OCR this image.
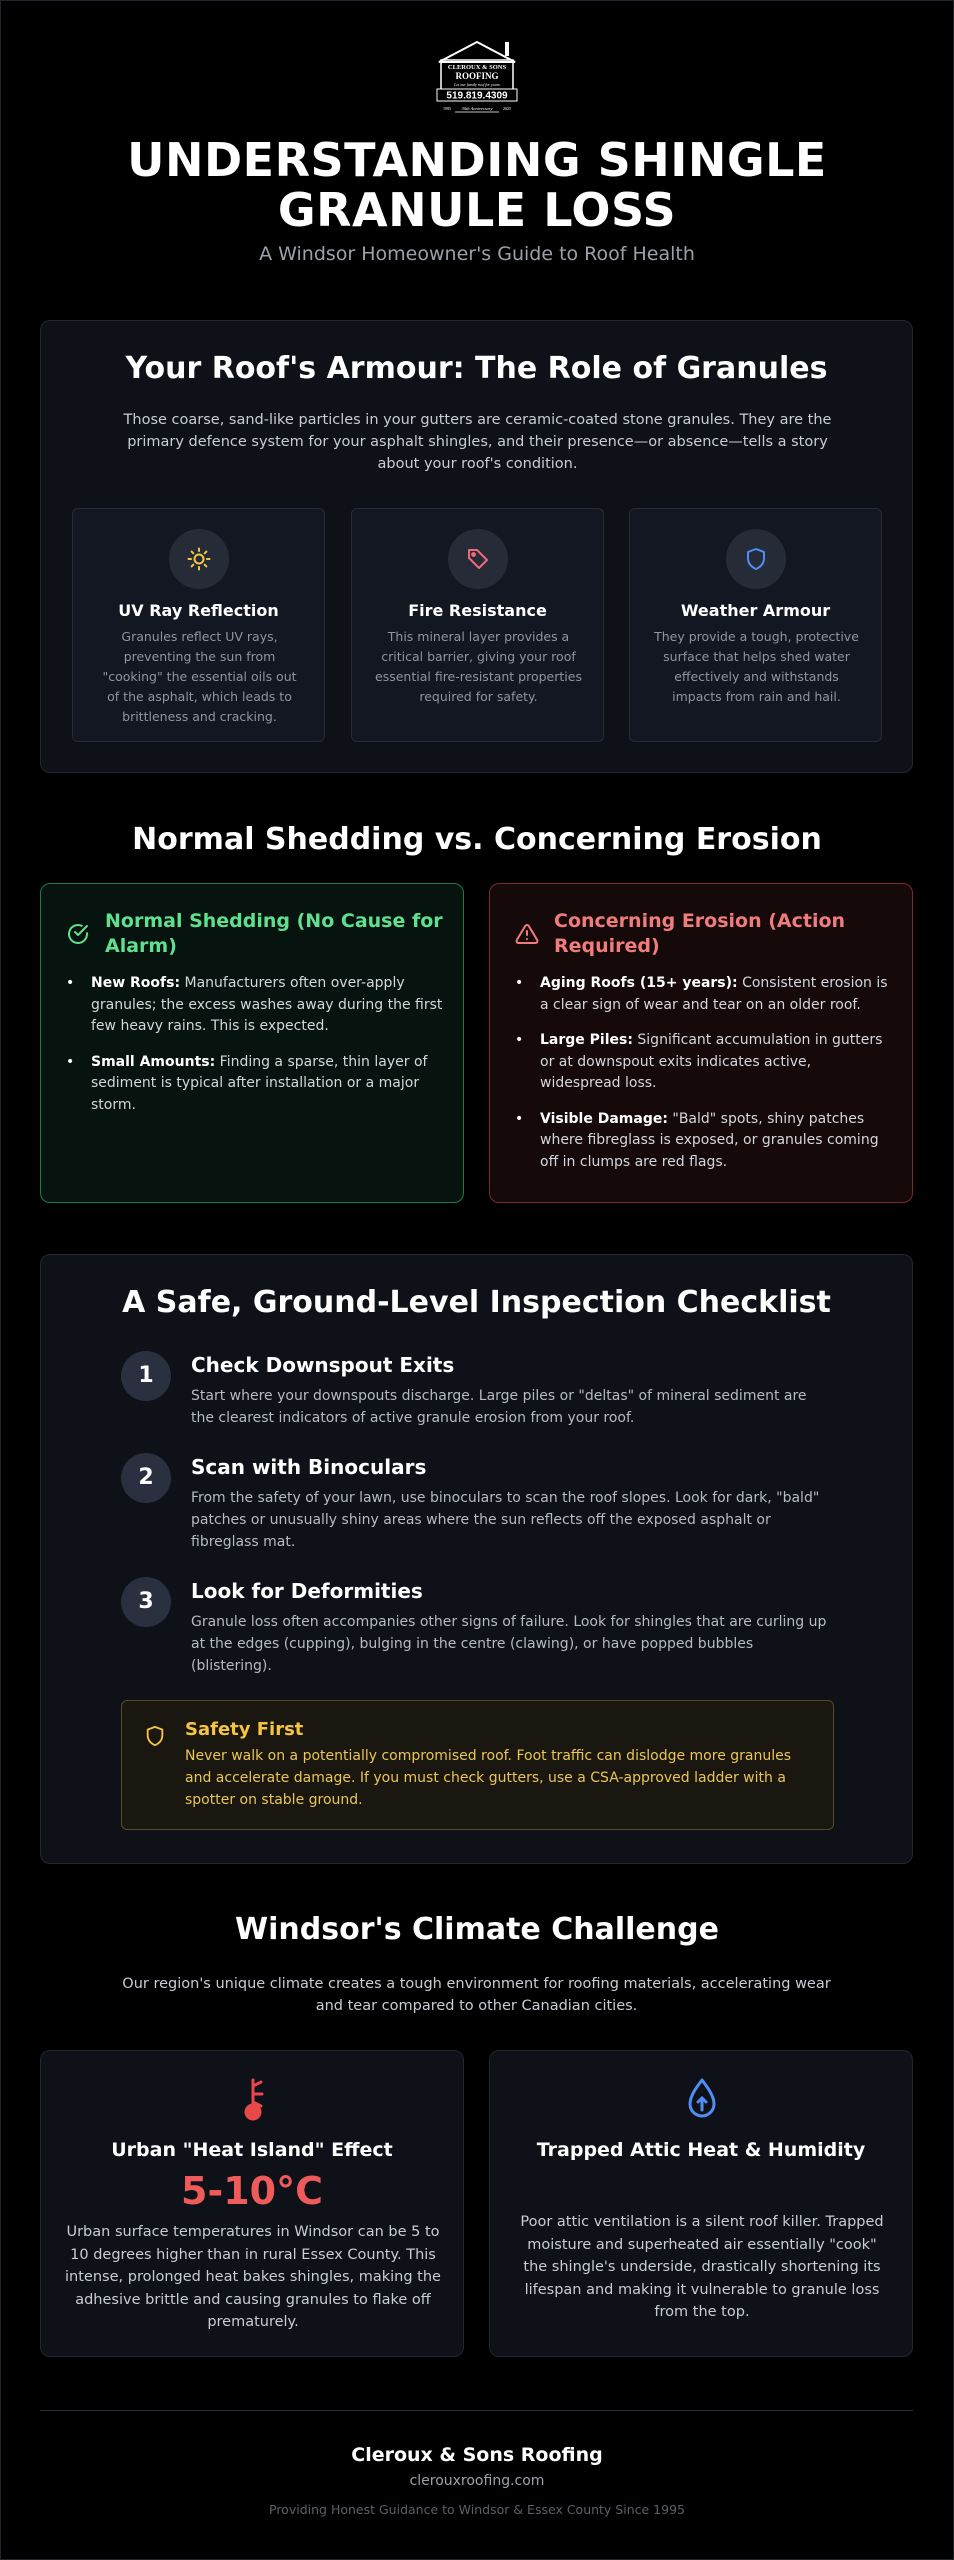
CLEROUX & SONS
ROOFING
Let our family roof for yours
519.819.4309
1995 30th Anniversary	2025
UNDERSTANDING SHINGLE
GRANULE LOSS
A Windsor Homeowner's Guide to Roof Health
Your Roof's Armour: The Role of Granules

Those coarse, sand-like particles in your gutters are ceramic-coated stone granules. They are the primary defence system for your asphalt shingles, and their presence—or absence—tells a story about your roof's condition.

UV Ray Reflection
Granules reflect UV rays, preventing the sun from "cooking" the essential oils out of the asphalt, which leads to brittleness and cracking.
Fire Resistance
This mineral layer provides a critical barrier, giving your roof essential fire-resistant properties required for safety.
Weather Armour
They provide a tough, protective surface that helps shed water effectively and withstands impacts from rain and hail.
Normal Shedding vs. Concerning Erosion
Normal Shedding (No Cause for Alarm)
• New Roofs: Manufacturers often over-apply granules; the excess washes away during the first few heavy rains. This is expected.
• Small Amounts: Finding a sparse, thin layer of sediment is typical after installation or a major storm.
Concerning Erosion (Action Required)
• Aging Roofs (15+ years): Consistent erosion is a clear sign of wear and tear on an older roof.
• Large Piles: Significant accumulation in gutters or at downspout exits indicates active, widespread loss.
• Visible Damage: "Bald" spots, shiny patches where fibreglass is exposed, or granules coming off in clumps are red flags.
A Safe, Ground-Level Inspection Checklist
1	Check Downspout Exits
Start where your downspouts discharge. Large piles or "deltas" of mineral sediment are the clearest indicators of active granule erosion from your roof.
2	Scan with Binoculars
From the safety of your lawn, use binoculars to scan the roof slopes. Look for dark, "bald" patches or unusually shiny areas where the sun reflects off the exposed asphalt or fibreglass mat.
3	Look for Deformities
Granule loss often accompanies other signs of failure. Look for shingles that are curling up at the edges (cupping), bulging in the centre (clawing), or have popped bubbles (blistering).
Safety First
Never walk on a potentially compromised roof. Foot traffic can dislodge more granules and accelerate damage. If you must check gutters, use a CSA-approved ladder with a spotter on stable ground.
Windsor's Climate Challenge

Our region's unique climate creates a tough environment for roofing materials, accelerating wear and tear compared to other Canadian cities.

Urban "Heat Island" Effect
5-10°C
Urban surface temperatures in Windsor can be 5 to 10 degrees higher than in rural Essex County. This intense, prolonged heat bakes shingles, making the adhesive brittle and causing granules to flake off prematurely.
Trapped Attic Heat & Humidity
Poor attic ventilation is a silent roof killer. Trapped moisture and superheated air essentially "cook" the shingle's underside, drastically shortening its lifespan and making it vulnerable to granule loss from the top.
Cleroux & Sons Roofing
clerouxroofing.com
Providing Honest Guidance to Windsor & Essex County Since 1995
